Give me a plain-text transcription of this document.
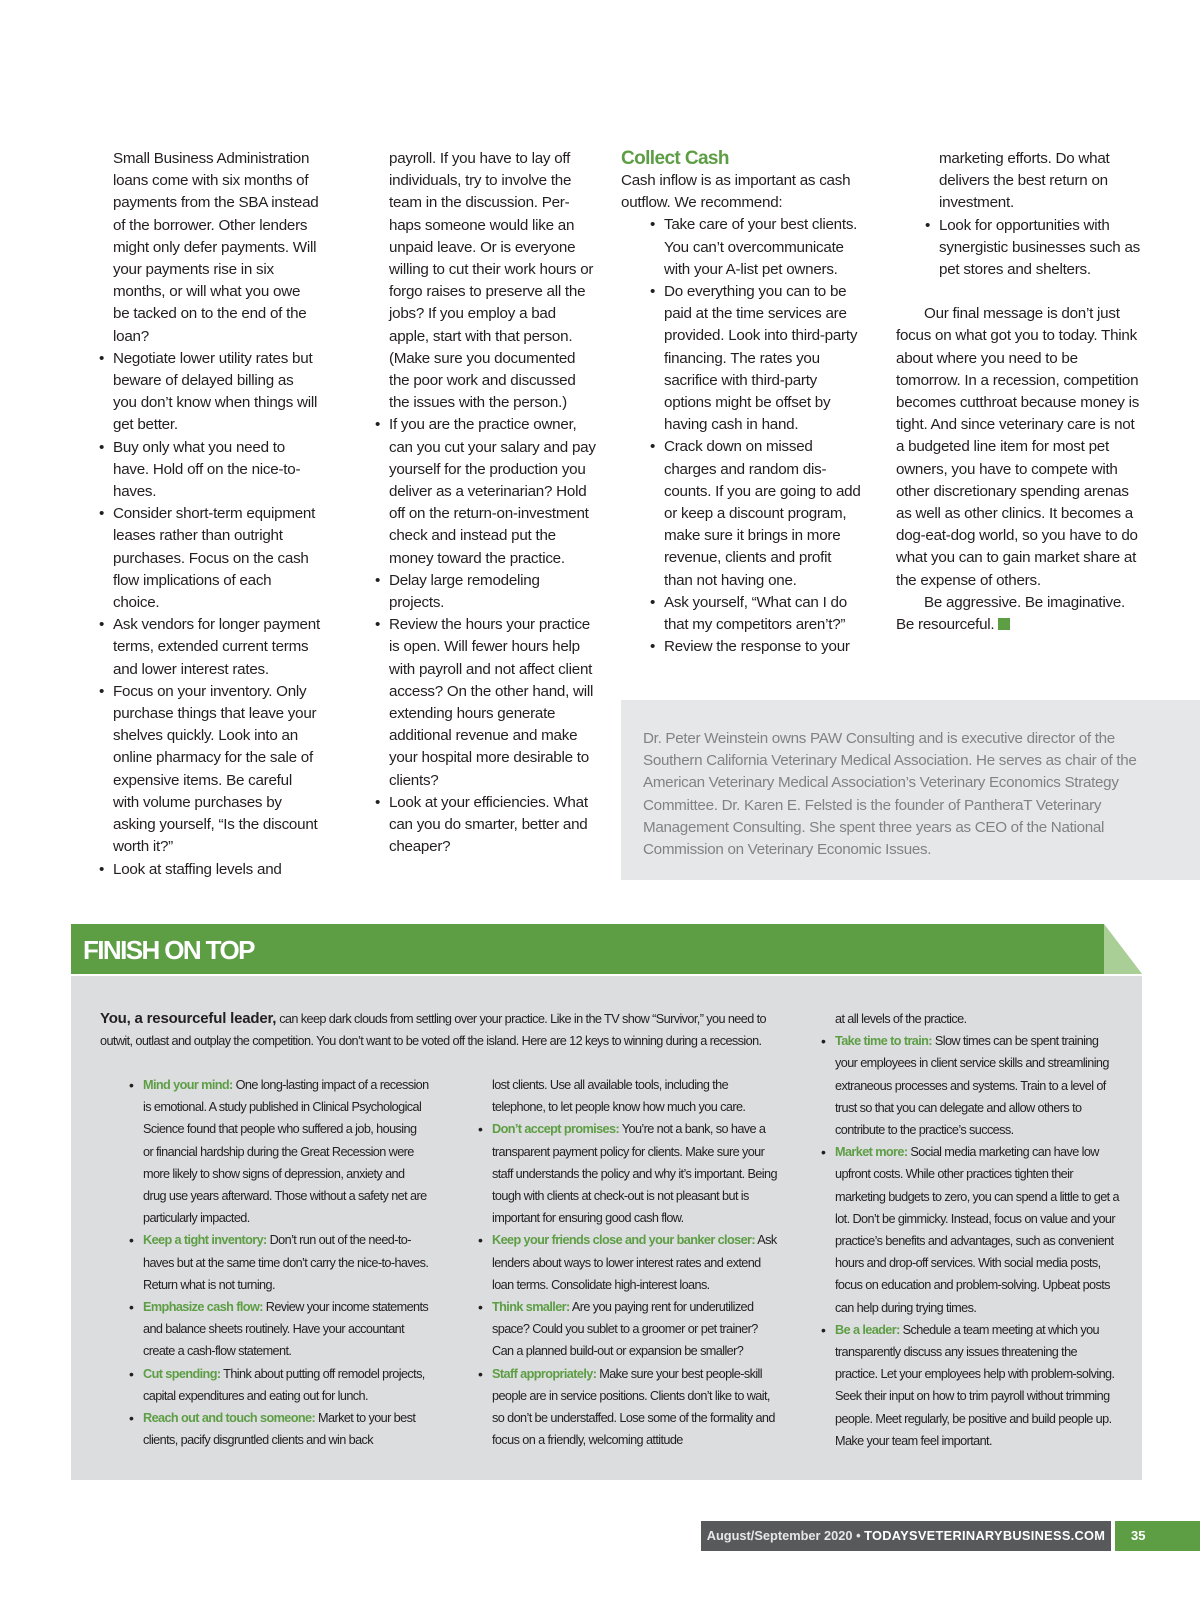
Small Business Administration loans come with six months of payments from the SBA instead of the borrower. Other lenders might only defer payments. Will your payments rise in six months, or will what you owe be tacked on to the end of the loan?

• Negotiate lower utility rates but beware of delayed billing as you don’t know when things will get better.
• Buy only what you need to have. Hold off on the nice-to-haves.
• Consider short-term equipment leases rather than outright purchases. Focus on the cash flow implications of each choice.
• Ask vendors for longer payment terms, extended current terms and lower interest rates.
• Focus on your inventory. Only purchase things that leave your shelves quickly. Look into an online pharmacy for the sale of expensive items. Be careful with volume purchases by asking yourself, “Is the discount worth it?”
• Look at staffing levels and

payroll. If you have to lay off individuals, try to involve the team in the discussion. Perhaps someone would like an unpaid leave. Or is everyone willing to cut their work hours or forgo raises to preserve all the jobs? If you employ a bad apple, start with that person. (Make sure you documented the poor work and discussed the issues with the person.)

• If you are the practice owner, can you cut your salary and pay yourself for the production you deliver as a veterinarian? Hold off on the return-on-investment check and instead put the money toward the practice.
• Delay large remodeling projects.
• Review the hours your practice is open. Will fewer hours help with payroll and not affect client access? On the other hand, will extending hours generate additional revenue and make your hospital more desirable to clients?
• Look at your efficiencies. What can you do smarter, better and cheaper?
Collect Cash

Cash inflow is as important as cash outflow. We recommend:

• Take care of your best clients. You can’t overcommunicate with your A-list pet owners.
• Do everything you can to be paid at the time services are provided. Look into third-party financing. The rates you sacrifice with third-party options might be offset by having cash in hand.
• Crack down on missed charges and random discounts. If you are going to add or keep a discount program, make sure it brings in more revenue, clients and profit than not having one.
• Ask yourself, “What can I do that my competitors aren’t?”
• Review the response to your

marketing efforts. Do what delivers the best return on investment.

• Look for opportunities with synergistic businesses such as pet stores and shelters.

Our final message is don’t just focus on what got you to today. Think about where you need to be tomorrow. In a recession, competition becomes cutthroat because money is tight. And since veterinary care is not a budgeted line item for most pet owners, you have to compete with other discretionary spending arenas as well as other clinics. It becomes a dog-eat-dog world, so you have to do what you can to gain market share at the expense of others.

Be aggressive. Be imaginative. Be resourceful.

Dr. Peter Weinstein owns PAW Consulting and is executive director of the Southern California Veterinary Medical Association. He serves as chair of the American Veterinary Medical Association’s Veterinary Economics Strategy Committee. Dr. Karen E. Felsted is the founder of PantheraT Veterinary Management Consulting. She spent three years as CEO of the National Commission on Veterinary Economic Issues.
FINISH ON TOP
You, a resourceful leader, can keep dark clouds from settling over your practice. Like in the TV show “Survivor,” you need to outwit, outlast and outplay the competition. You don’t want to be voted off the island. Here are 12 keys to winning during a recession.
• Mind your mind: One long-lasting impact of a recession is emotional. A study published in Clinical Psychological Science found that people who suffered a job, housing or financial hardship during the Great Recession were more likely to show signs of depression, anxiety and drug use years afterward. Those without a safety net are particularly impacted.
• Keep a tight inventory: Don’t run out of the need-to-haves but at the same time don’t carry the nice-to-haves. Return what is not turning.
• Emphasize cash flow: Review your income statements and balance sheets routinely. Have your accountant create a cash-flow statement.
• Cut spending: Think about putting off remodel projects, capital expenditures and eating out for lunch.
• Reach out and touch someone: Market to your best clients, pacify disgruntled clients and win back

lost clients. Use all available tools, including the telephone, to let people know how much you care.

• Don’t accept promises: You’re not a bank, so have a transparent payment policy for clients. Make sure your staff understands the policy and why it’s important. Being tough with clients at check-out is not pleasant but is important for ensuring good cash flow.
• Keep your friends close and your banker closer: Ask lenders about ways to lower interest rates and extend loan terms. Consolidate high-interest loans.
• Think smaller: Are you paying rent for underutilized space? Could you sublet to a groomer or pet trainer? Can a planned build-out or expansion be smaller?
• Staff appropriately: Make sure your best people-skill people are in service positions. Clients don’t like to wait, so don’t be understaffed. Lose some of the formality and focus on a friendly, welcoming attitude

at all levels of the practice.

• Take time to train: Slow times can be spent training your employees in client service skills and streamlining extraneous processes and systems. Train to a level of trust so that you can delegate and allow others to contribute to the practice’s success.
• Market more: Social media marketing can have low upfront costs. While other practices tighten their marketing budgets to zero, you can spend a little to get a lot. Don’t be gimmicky. Instead, focus on value and your practice’s benefits and advantages, such as convenient hours and drop-off services. With social media posts, focus on education and problem-solving. Upbeat posts can help during trying times.
• Be a leader: Schedule a team meeting at which you transparently discuss any issues threatening the practice. Let your employees help with problem-solving. Seek their input on how to trim payroll without trimming people. Meet regularly, be positive and build people up. Make your team feel important.
August/September 2020 • TODAYSVETERINARYBUSINESS.COM	35
